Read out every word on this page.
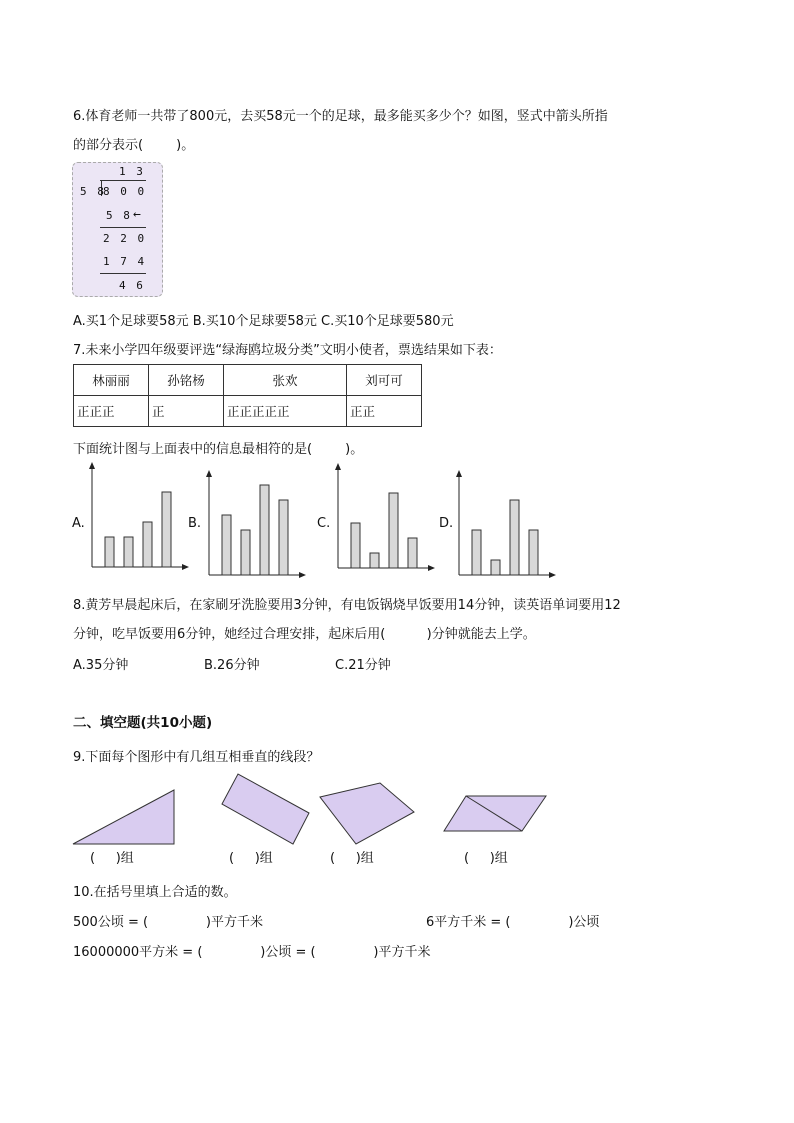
6.体育老师一共带了800元，去买58元一个的足球，最多能买多少个？如图，竖式中箭头所指
的部分表示(        )。
1 3
5 8
8 0 0
5 8 ←
2 2 0
1 7 4
4 6
A.买1个足球要58元 B.买10个足球要58元 C.买10个足球要580元
7.未来小学四年级要评选“绿海鸥垃圾分类”文明小使者，票选结果如下表：
林丽丽	孙铭杨	张欢	刘可可
正正正	正	正正正正正	正正
下面统计图与上面表中的信息最相符的是(        )。
A.	B.	C.	D.
8.黄芳早晨起床后，在家刷牙洗脸要用3分钟，有电饭锅烧早饭要用14分钟，读英语单词要用12
分钟，吃早饭要用6分钟，她经过合理安排，起床后用(          )分钟就能去上学。
A.35分钟	B.26分钟	C.21分钟
二、填空题(共10小题)
9.下面每个图形中有几组互相垂直的线段？
(     )组	(     )组	(     )组	(     )组
10.在括号里填上合适的数。
500公顷 = (              )平方千米	6平方千米 = (              )公顷
16000000平方米 = (              )公顷 = (              )平方千米
